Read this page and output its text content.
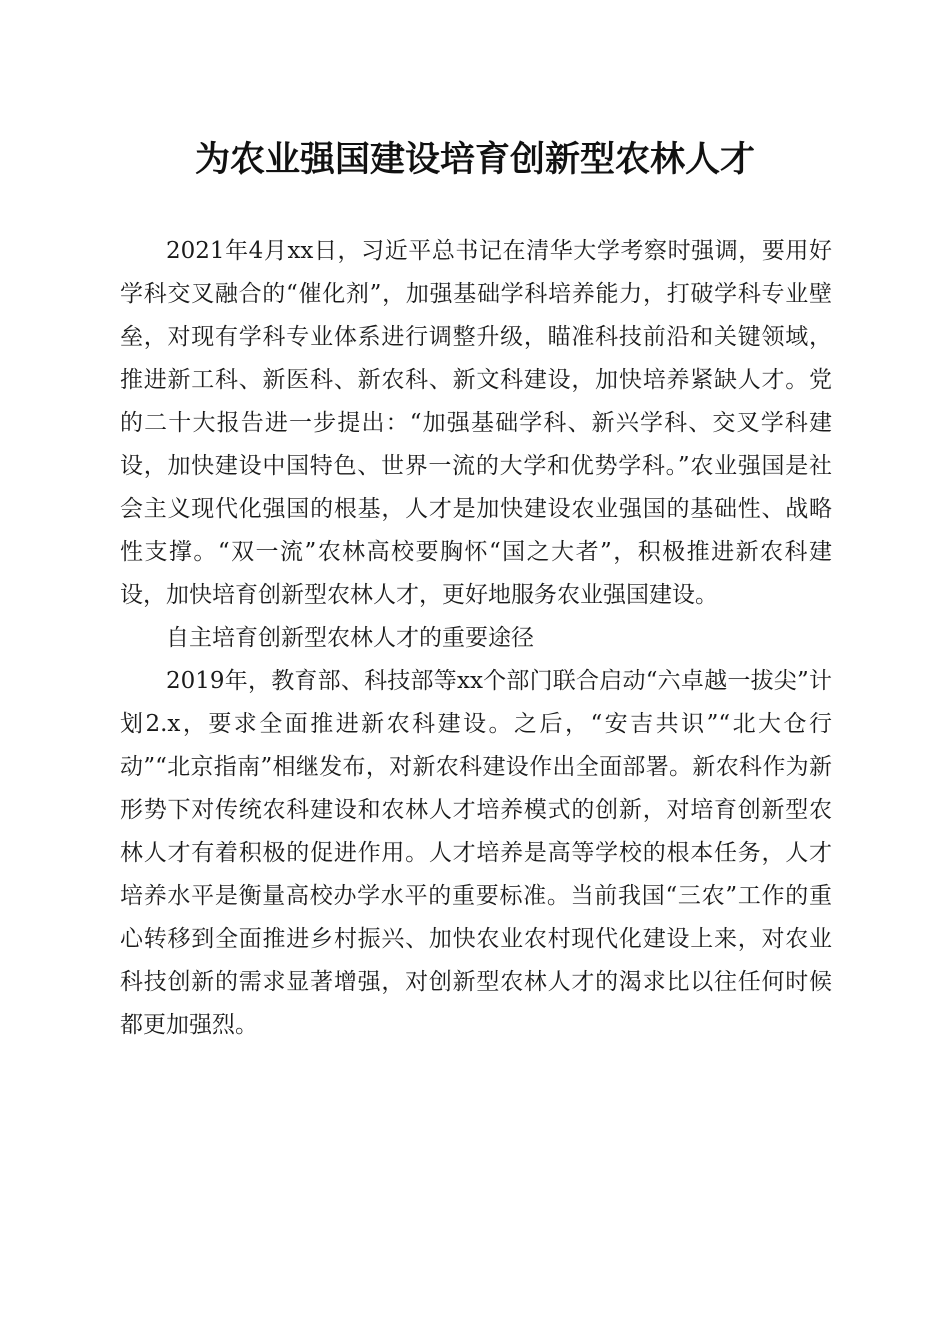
为农业强国建设培育创新型农林人才

2021年4月xx日，习近平总书记在清华大学考察时强调，要用好学科交叉融合的“催化剂”，加强基础学科培养能力，打破学科专业壁垒，对现有学科专业体系进行调整升级，瞄准科技前沿和关键领域，推进新工科、新医科、新农科、新文科建设，加快培养紧缺人才。党的二十大报告进一步提出：“加强基础学科、新兴学科、交叉学科建设，加快建设中国特色、世界一流的大学和优势学科。”农业强国是社会主义现代化强国的根基，人才是加快建设农业强国的基础性、战略性支撑。“双一流”农林高校要胸怀“国之大者”，积极推进新农科建设，加快培育创新型农林人才，更好地服务农业强国建设。

自主培育创新型农林人才的重要途径

2019年，教育部、科技部等xx个部门联合启动“六卓越一拔尖”计划2.x，要求全面推进新农科建设。之后，“安吉共识”“北大仓行动”“北京指南”相继发布，对新农科建设作出全面部署。新农科作为新形势下对传统农科建设和农林人才培养模式的创新，对培育创新型农林人才有着积极的促进作用。人才培养是高等学校的根本任务，人才培养水平是衡量高校办学水平的重要标准。当前我国“三农”工作的重心转移到全面推进乡村振兴、加快农业农村现代化建设上来，对农业科技创新的需求显著增强，对创新型农林人才的渴求比以往任何时候都更加强烈。
